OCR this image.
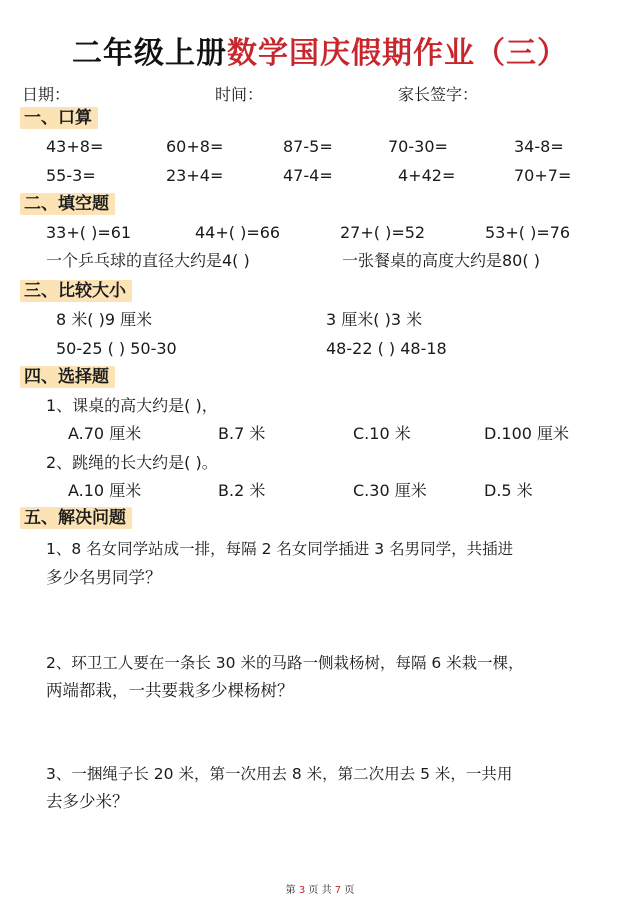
二年级上册数学国庆假期作业（三）
日期：	时间：	家长签字：
一、口算
43+8=	60+8=	87-5=	70-30=	34-8=
55-3=	23+4=	47-4=	4+42=	70+7=
二、填空题
33+( )=61	44+( )=66	27+( )=52	53+( )=76
一个乒乓球的直径大约是4( )	一张餐桌的高度大约是80( )
三、比较大小
8 米( )9 厘米	3 厘米( )3 米
50-25 ( ) 50-30	48-22 ( ) 48-18
四、选择题
1、课桌的高大约是( )，
A.70 厘米	B.7 米	C.10 米	D.100 厘米
2、跳绳的长大约是( )。
A.10 厘米	B.2 米	C.30 厘米	D.5 米
五、解决问题
1、8 名女同学站成一排，每隔 2 名女同学插进 3 名男同学，共插进
多少名男同学？
2、环卫工人要在一条长 30 米的马路一侧栽杨树，每隔 6 米栽一棵，
两端都栽，一共要栽多少棵杨树？
3、一捆绳子长 20 米，第一次用去 8 米，第二次用去 5 米，一共用
去多少米？
第 3 页 共 7 页
